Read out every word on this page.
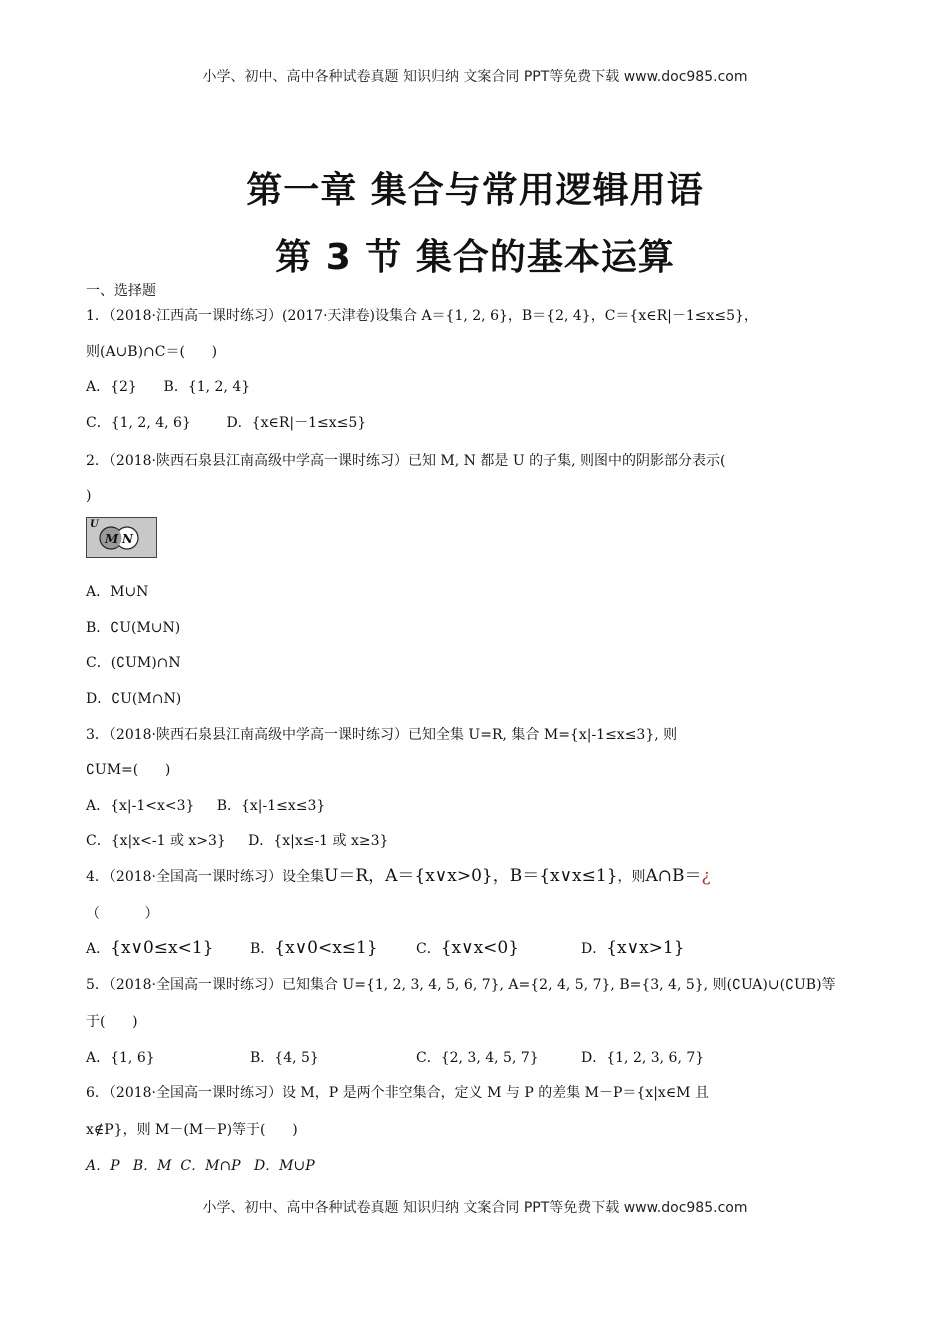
小学、初中、高中各种试卷真题 知识归纳 文案合同 PPT等免费下载 www.doc985.com
第一章 集合与常用逻辑用语
第 3 节 集合的基本运算
一、选择题
1．（2018·江西高一课时练习）(2017·天津卷)设集合 A＝{1, 2, 6}，B＝{2, 4}，C＝{x∈R|－1≤x≤5}，
则(A∪B)∩C＝(      )
A．{2}      B．{1, 2, 4}
C．{1, 2, 4, 6}        D．{x∈R|－1≤x≤5}
2．（2018·陕西石泉县江南高级中学高一课时练习）已知 M, N 都是 U 的子集, 则图中的阴影部分表示(
)
M N
U
A．M∪N
B．∁U(M∪N)
C．(∁UM)∩N
D．∁U(M∩N)
3．（2018·陕西石泉县江南高级中学高一课时练习）已知全集 U=R, 集合 M={x|-1≤x≤3}, 则
∁UM=(      )
A．{x|-1<x<3}     B．{x|-1≤x≤3}
C．{x|x<-1 或 x>3}     D．{x|x≤-1 或 x≥3}
4．（2018·全国高一课时练习）设全集U＝R，A＝{x∨x>0}，B＝{x∨x≤1}，则A∩B＝¿
（          ）
A．{x∨0≤x<1}	B．{x∨0<x≤1}	C．{x∨x<0}	D．{x∨x>1}
5．（2018·全国高一课时练习）已知集合 U={1, 2, 3, 4, 5, 6, 7}, A={2, 4, 5, 7}, B={3, 4, 5}, 则(∁UA)∪(∁UB)等
于(      )
A．{1, 6}	B．{4, 5}	C．{2, 3, 4, 5, 7}	D．{1, 2, 3, 6, 7}
6．（2018·全国高一课时练习）设 M，P 是两个非空集合，定义 M 与 P 的差集 M－P＝{x|x∈M 且
x∉P}，则 M－(M－P)等于(      )
A．P   B．M  C．M∩P   D．M∪P
小学、初中、高中各种试卷真题 知识归纳 文案合同 PPT等免费下载 www.doc985.com
